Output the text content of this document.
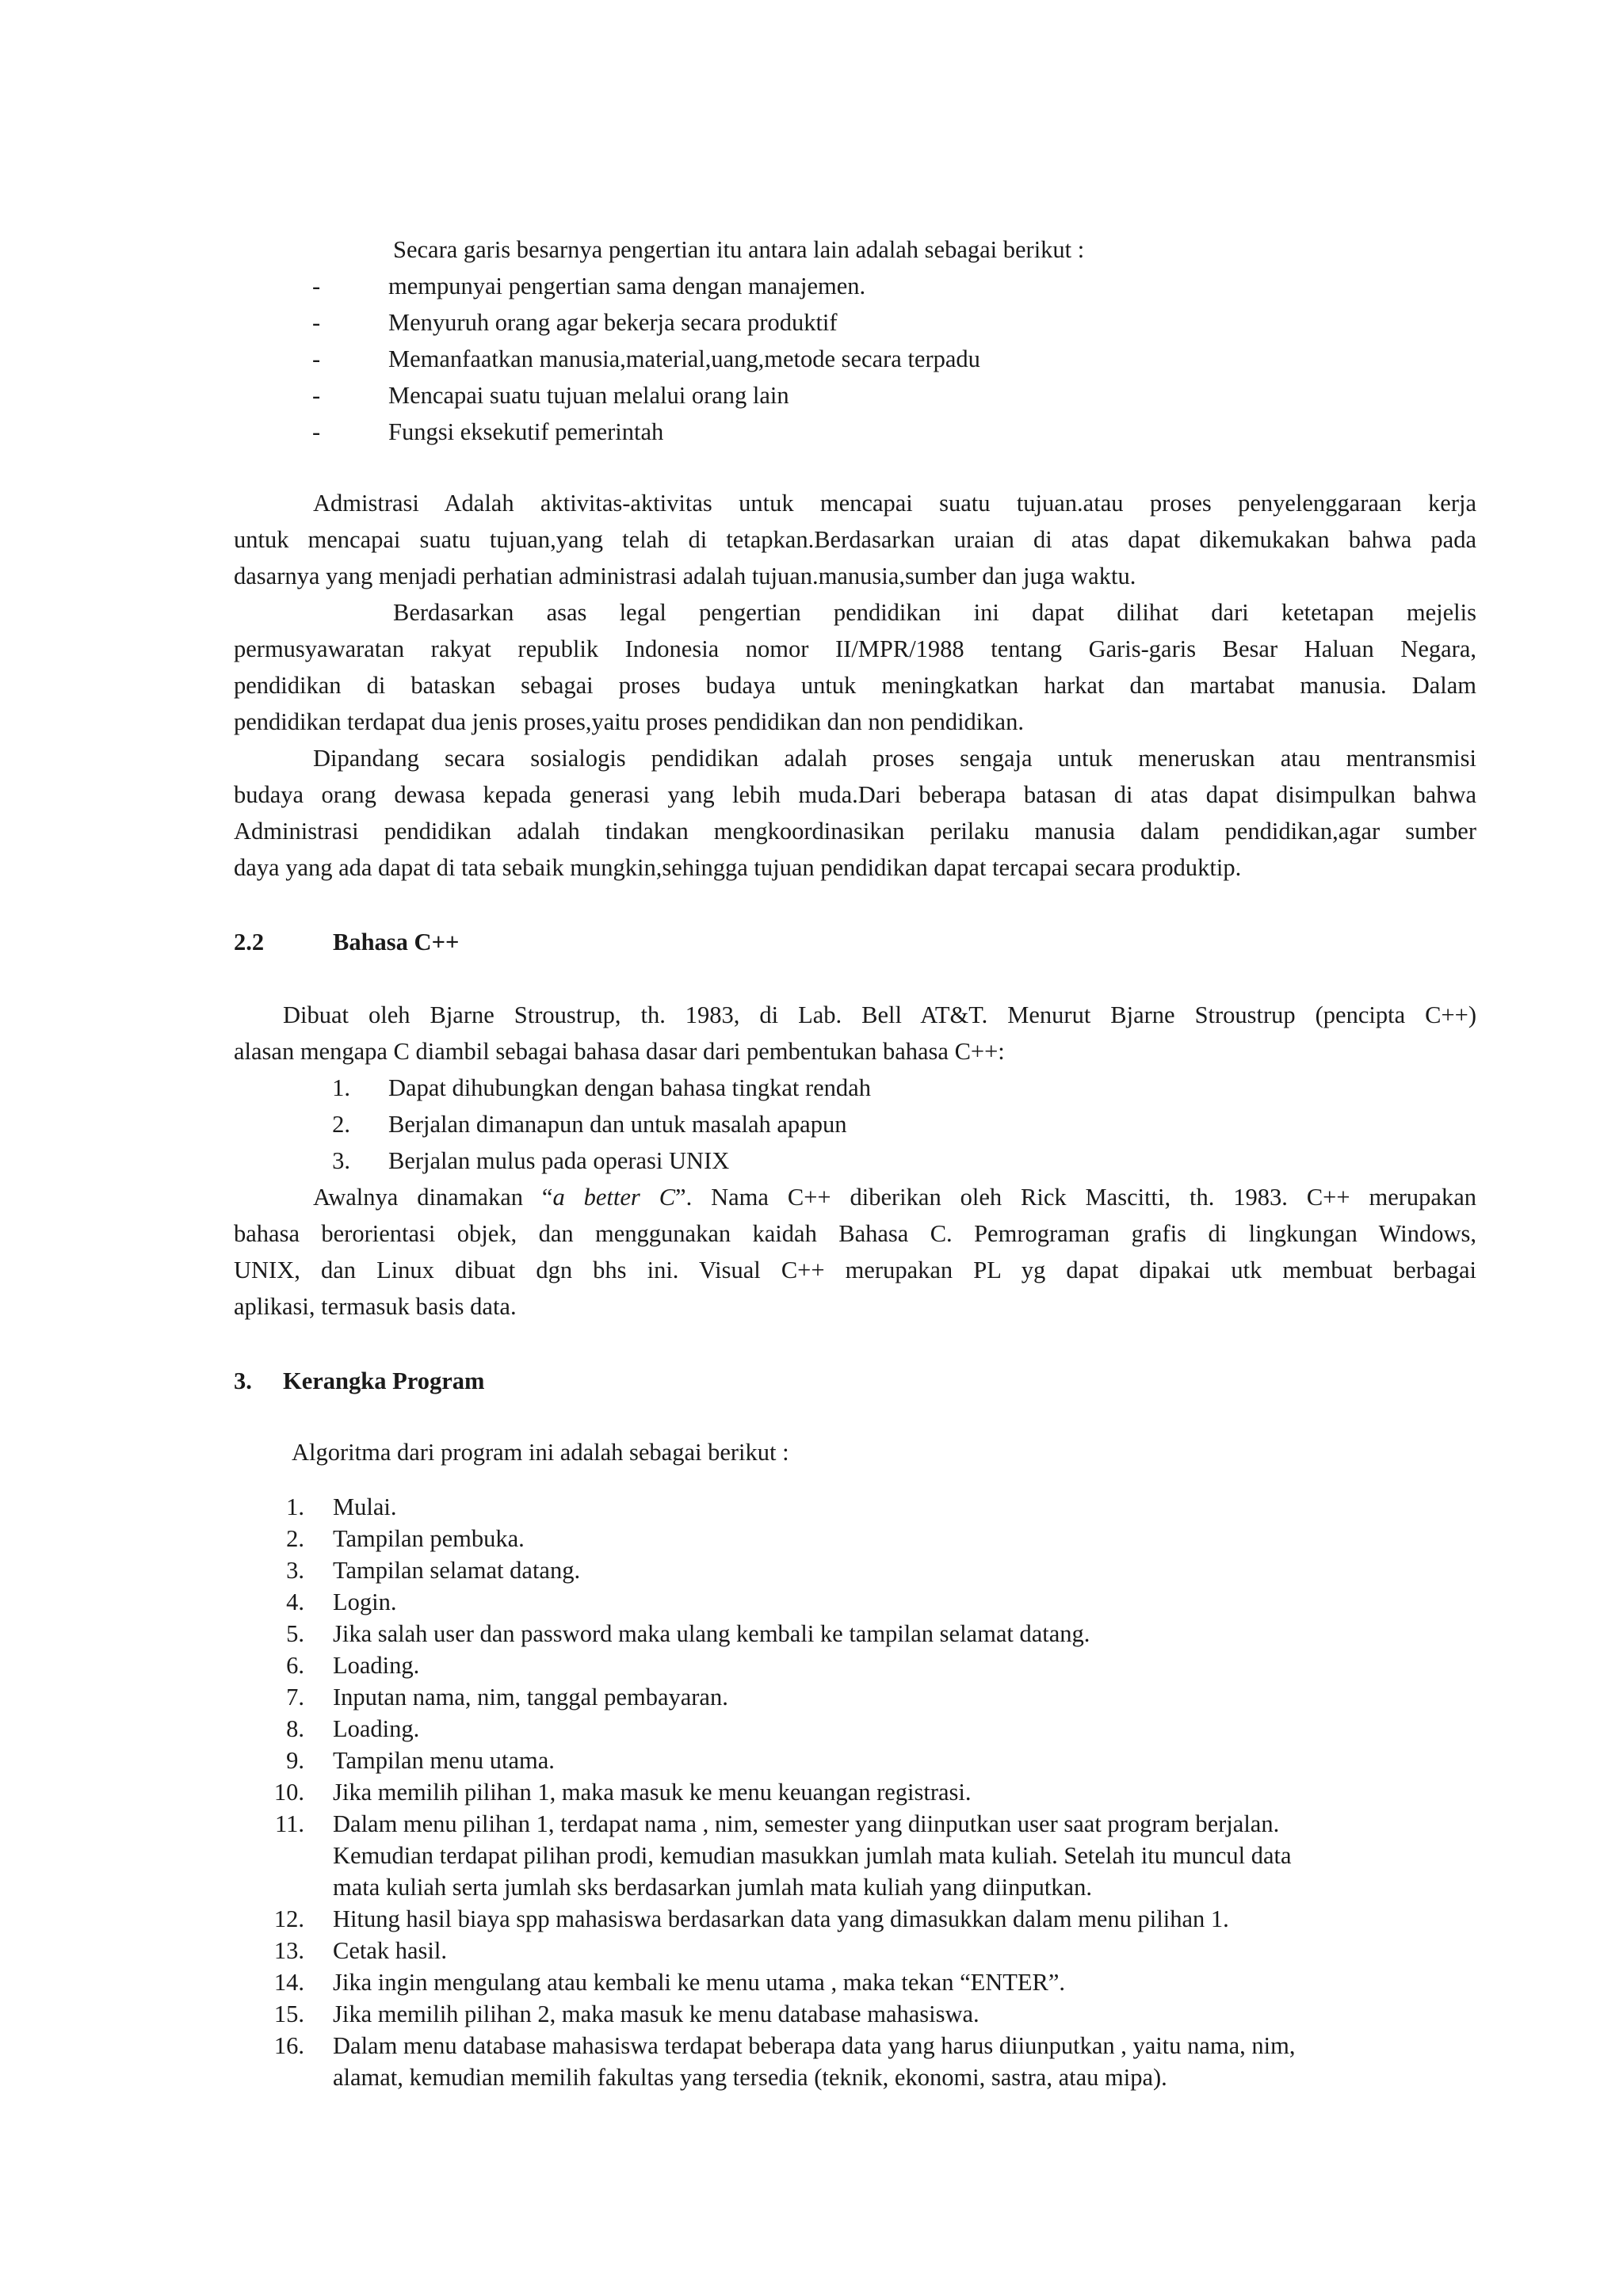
Secara garis besarnya pengertian itu antara lain adalah sebagai berikut :
-	mempunyai pengertian sama dengan manajemen.
-	Menyuruh orang agar bekerja secara produktif
-	Memanfaatkan manusia,material,uang,metode secara terpadu
-	Mencapai suatu tujuan melalui orang lain
-	Fungsi eksekutif pemerintah
Admistrasi Adalah aktivitas-aktivitas untuk mencapai suatu tujuan.atau proses penyelenggaraan kerja
untuk mencapai suatu tujuan,yang telah di tetapkan.Berdasarkan uraian di atas dapat dikemukakan bahwa pada
dasarnya yang menjadi perhatian administrasi adalah tujuan.manusia,sumber dan juga waktu.
Berdasarkan asas legal pengertian pendidikan ini dapat dilihat dari ketetapan mejelis
permusyawaratan rakyat republik Indonesia nomor II/MPR/1988 tentang Garis-garis Besar Haluan Negara,
pendidikan di bataskan sebagai proses budaya untuk meningkatkan harkat dan martabat manusia. Dalam
pendidikan terdapat dua jenis proses,yaitu proses pendidikan dan non pendidikan.
Dipandang secara sosialogis pendidikan adalah proses sengaja untuk meneruskan atau mentransmisi
budaya orang dewasa kepada generasi yang lebih muda.Dari beberapa batasan di atas dapat disimpulkan bahwa
Administrasi pendidikan adalah tindakan mengkoordinasikan perilaku manusia dalam pendidikan,agar sumber
daya yang ada dapat di tata sebaik mungkin,sehingga tujuan pendidikan dapat tercapai secara produktip.
2.2	Bahasa C++
Dibuat oleh Bjarne Stroustrup, th. 1983, di Lab. Bell AT&T. Menurut Bjarne Stroustrup (pencipta C++)
alasan mengapa C diambil sebagai bahasa dasar dari pembentukan bahasa C++:
1. Dapat dihubungkan dengan bahasa tingkat rendah
2. Berjalan dimanapun dan untuk masalah apapun
3. Berjalan mulus pada operasi UNIX
Awalnya dinamakan “a better C”. Nama C++ diberikan oleh Rick Mascitti, th. 1983. C++ merupakan
bahasa berorientasi objek, dan menggunakan kaidah Bahasa C. Pemrograman grafis di lingkungan Windows,
UNIX, dan Linux dibuat dgn bhs ini. Visual C++ merupakan PL yg dapat dipakai utk membuat berbagai
aplikasi, termasuk basis data.
3. Kerangka Program
Algoritma dari program ini adalah sebagai berikut :
1. Mulai.
2. Tampilan pembuka.
3. Tampilan selamat datang.
4. Login.
5. Jika salah user dan password maka ulang kembali ke tampilan selamat datang.
6. Loading.
7. Inputan nama, nim, tanggal pembayaran.
8. Loading.
9. Tampilan menu utama.
10. Jika memilih pilihan 1, maka masuk ke menu keuangan registrasi.
11. Dalam menu pilihan 1, terdapat nama , nim, semester yang diinputkan user saat program berjalan.
Kemudian terdapat pilihan prodi, kemudian masukkan jumlah mata kuliah. Setelah itu muncul data
mata kuliah serta jumlah sks berdasarkan jumlah mata kuliah yang diinputkan.
12. Hitung hasil biaya spp mahasiswa berdasarkan data yang dimasukkan dalam menu pilihan 1.
13. Cetak hasil.
14. Jika ingin mengulang atau kembali ke menu utama , maka tekan “ENTER”.
15. Jika memilih pilihan 2, maka masuk ke menu database mahasiswa.
16. Dalam menu database mahasiswa terdapat beberapa data yang harus diiunputkan , yaitu nama, nim,
alamat, kemudian memilih fakultas yang tersedia (teknik, ekonomi, sastra, atau mipa).
